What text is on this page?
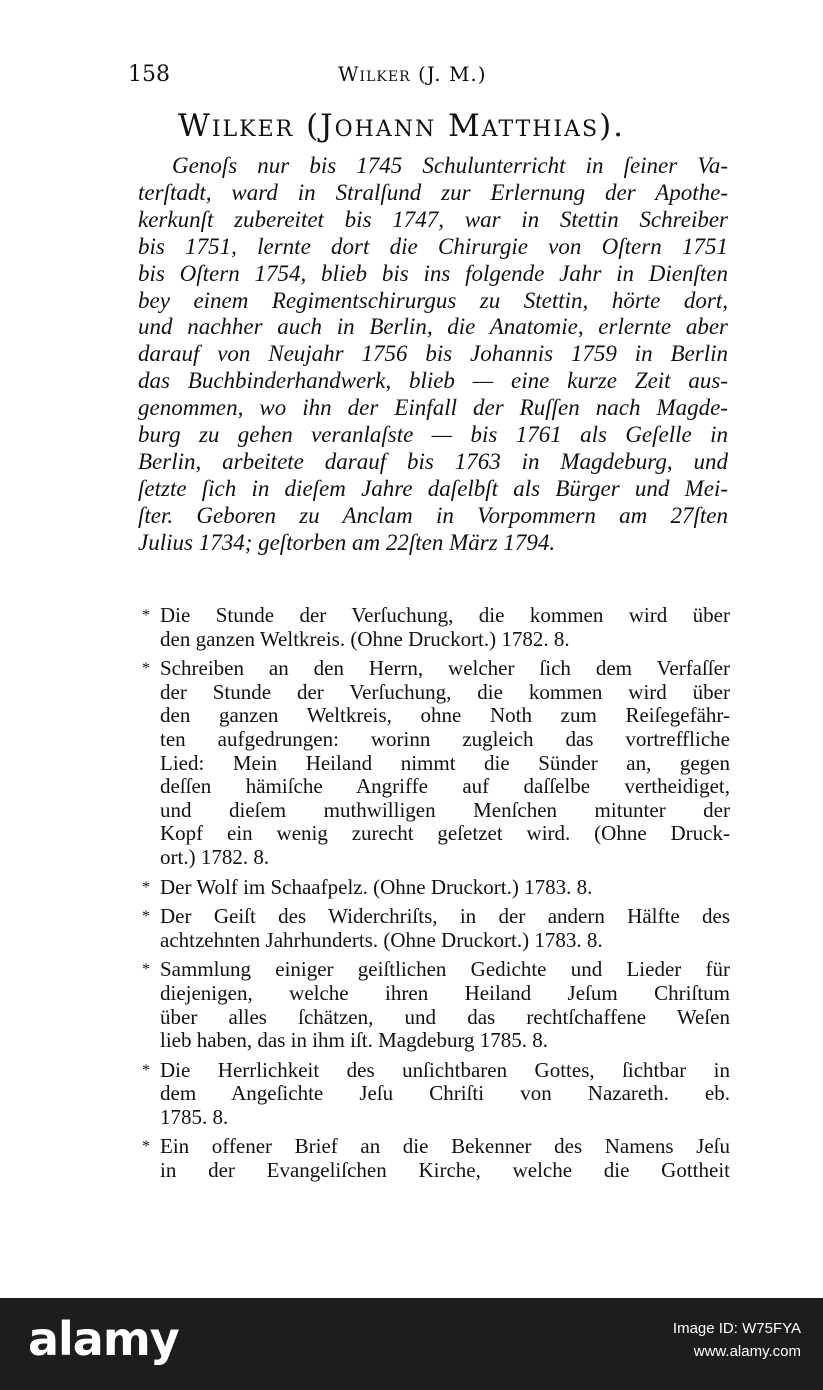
158	Wilker (J. M.)
Wilker (Johann Matthias).
Genoſs nur bis 1745 Schulunterricht in ſeiner Va-
terſtadt, ward in Stralſund zur Erlernung der Apothe-
kerkunſt zubereitet bis 1747, war in Stettin Schreiber
bis 1751, lernte dort die Chirurgie von Oſtern 1751
bis Oſtern 1754, blieb bis ins folgende Jahr in Dienſten
bey einem Regimentschirurgus zu Stettin, hörte dort,
und nachher auch in Berlin, die Anatomie, erlernte aber
darauf von Neujahr 1756 bis Johannis 1759 in Berlin
das Buchbinderhandwerk, blieb — eine kurze Zeit aus-
genommen, wo ihn der Einfall der Ruſſen nach Magde-
burg zu gehen veranlaſste — bis 1761 als Geſelle in
Berlin, arbeitete darauf bis 1763 in Magdeburg, und
ſetzte ſich in dieſem Jahre daſelbſt als Bürger und Mei-
ſter. Geboren zu Anclam in Vorpommern am 27ſten
Julius 1734; geſtorben am 22ſten März 1794.
* Die Stunde der Verſuchung, die kommen wird über
den ganzen Weltkreis. (Ohne Druckort.) 1782. 8.
* Schreiben an den Herrn, welcher ſich dem Verfaſſer
der Stunde der Verſuchung, die kommen wird über
den ganzen Weltkreis, ohne Noth zum Reiſegefähr-
ten aufgedrungen: worinn zugleich das vortreffliche
Lied: Mein Heiland nimmt die Sünder an, gegen
deſſen hämiſche Angriffe auf daſſelbe vertheidiget,
und dieſem muthwilligen Menſchen mitunter der
Kopf ein wenig zurecht geſetzet wird. (Ohne Druck-
ort.) 1782. 8.
* Der Wolf im Schaafpelz. (Ohne Druckort.) 1783. 8.
* Der Geiſt des Widerchriſts, in der andern Hälfte des
achtzehnten Jahrhunderts. (Ohne Druckort.) 1783. 8.
* Sammlung einiger geiſtlichen Gedichte und Lieder für
diejenigen, welche ihren Heiland Jeſum Chriſtum
über alles ſchätzen, und das rechtſchaffene Weſen
lieb haben, das in ihm iſt. Magdeburg 1785. 8.
* Die Herrlichkeit des unſichtbaren Gottes, ſichtbar in
dem Angeſichte Jeſu Chriſti von Nazareth. eb.
1785. 8.
* Ein offener Brief an die Bekenner des Namens Jeſu
in der Evangeliſchen Kirche, welche die Gottheit
alamy	Image ID: W75FYA
www.alamy.com
